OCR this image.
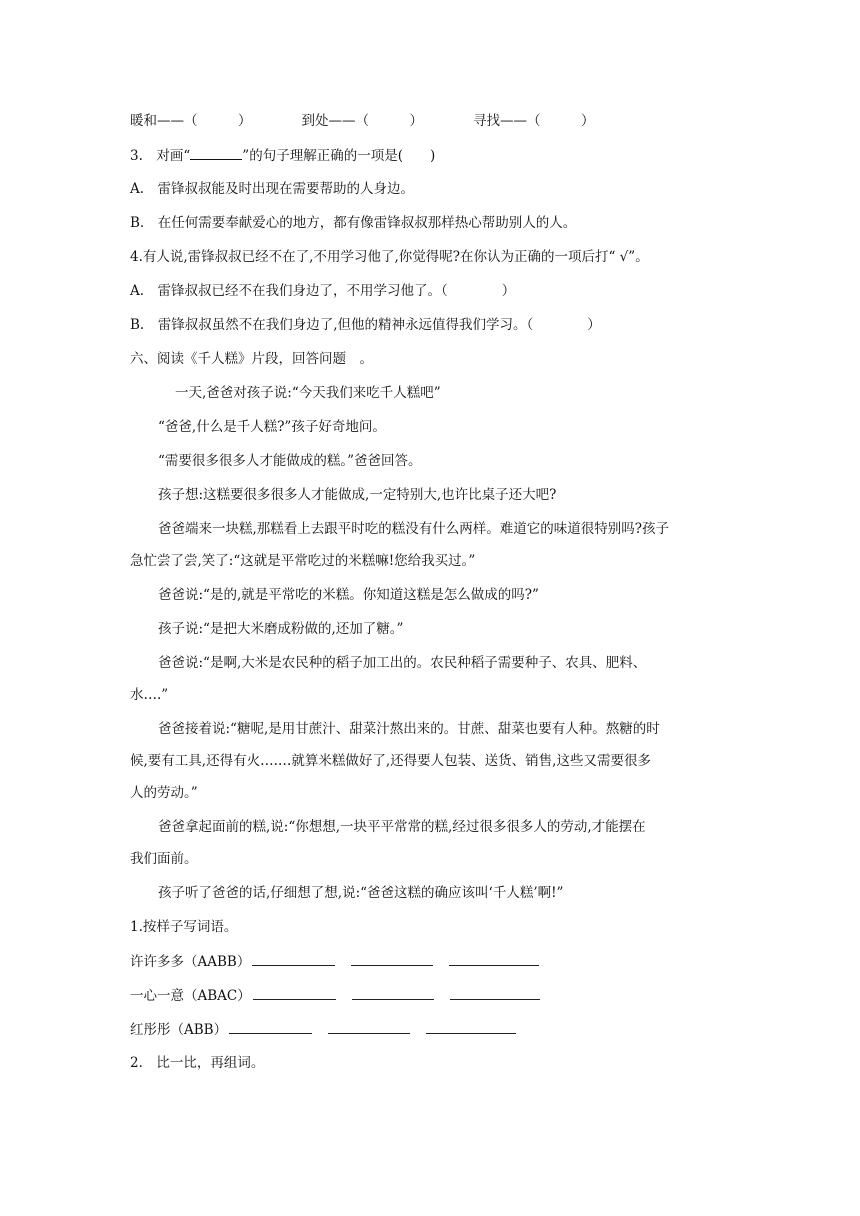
暖和——（　　　）	到处——（　　　）	寻找——（　　　）
3.　对画“	”的句子理解正确的一项是(　　)
A.　雷锋叔叔能及时出现在需要帮助的人身边。
B.　在任何需要奉献爱心的地方，都有像雷锋叔叔那样热心帮助别人的人。
4.有人说,雷锋叔叔已经不在了,不用学习他了,你觉得呢?在你认为正确的一项后打“ √”。
A.　雷锋叔叔已经不在我们身边了，不用学习他了。（　　　　）
B.　雷锋叔叔虽然不在我们身边了,但他的精神永远值得我们学习。（　　　　）
六、阅读《千人糕》片段，回答问题　。
一天,爸爸对孩子说:“今天我们来吃千人糕吧”
“爸爸,什么是千人糕?”孩子好奇地问。
“需要很多很多人才能做成的糕。”爸爸回答。
孩子想:这糕要很多很多人才能做成,一定特别大,也许比桌子还大吧?
爸爸端来一块糕,那糕看上去跟平时吃的糕没有什么两样。难道它的味道很特别吗?孩子
急忙尝了尝,笑了:“这就是平常吃过的米糕嘛!您给我买过。”
爸爸说:“是的,就是平常吃的米糕。你知道这糕是怎么做成的吗?”
孩子说:“是把大米磨成粉做的,还加了糖。”
爸爸说:“是啊,大米是农民种的稻子加工出的。农民种稻子需要种子、农具、肥料、
水….”
爸爸接着说:“糖呢,是用甘蔗汁、甜菜汁熬出来的。甘蔗、甜菜也要有人种。熬糖的时
候,要有工具,还得有火….…就算米糕做好了,还得要人包装、送货、销售,这些又需要很多
人的劳动。”
爸爸拿起面前的糕,说:“你想想,一块平平常常的糕,经过很多很多人的劳动,才能摆在
我们面前。
孩子听了爸爸的话,仔细想了想,说:“爸爸这糕的确应该叫‘千人糕’啊!”
1.按样子写词语。
许许多多（AABB）
一心一意（ABAC）
红彤彤（ABB）
2.　比一比，再组词。
